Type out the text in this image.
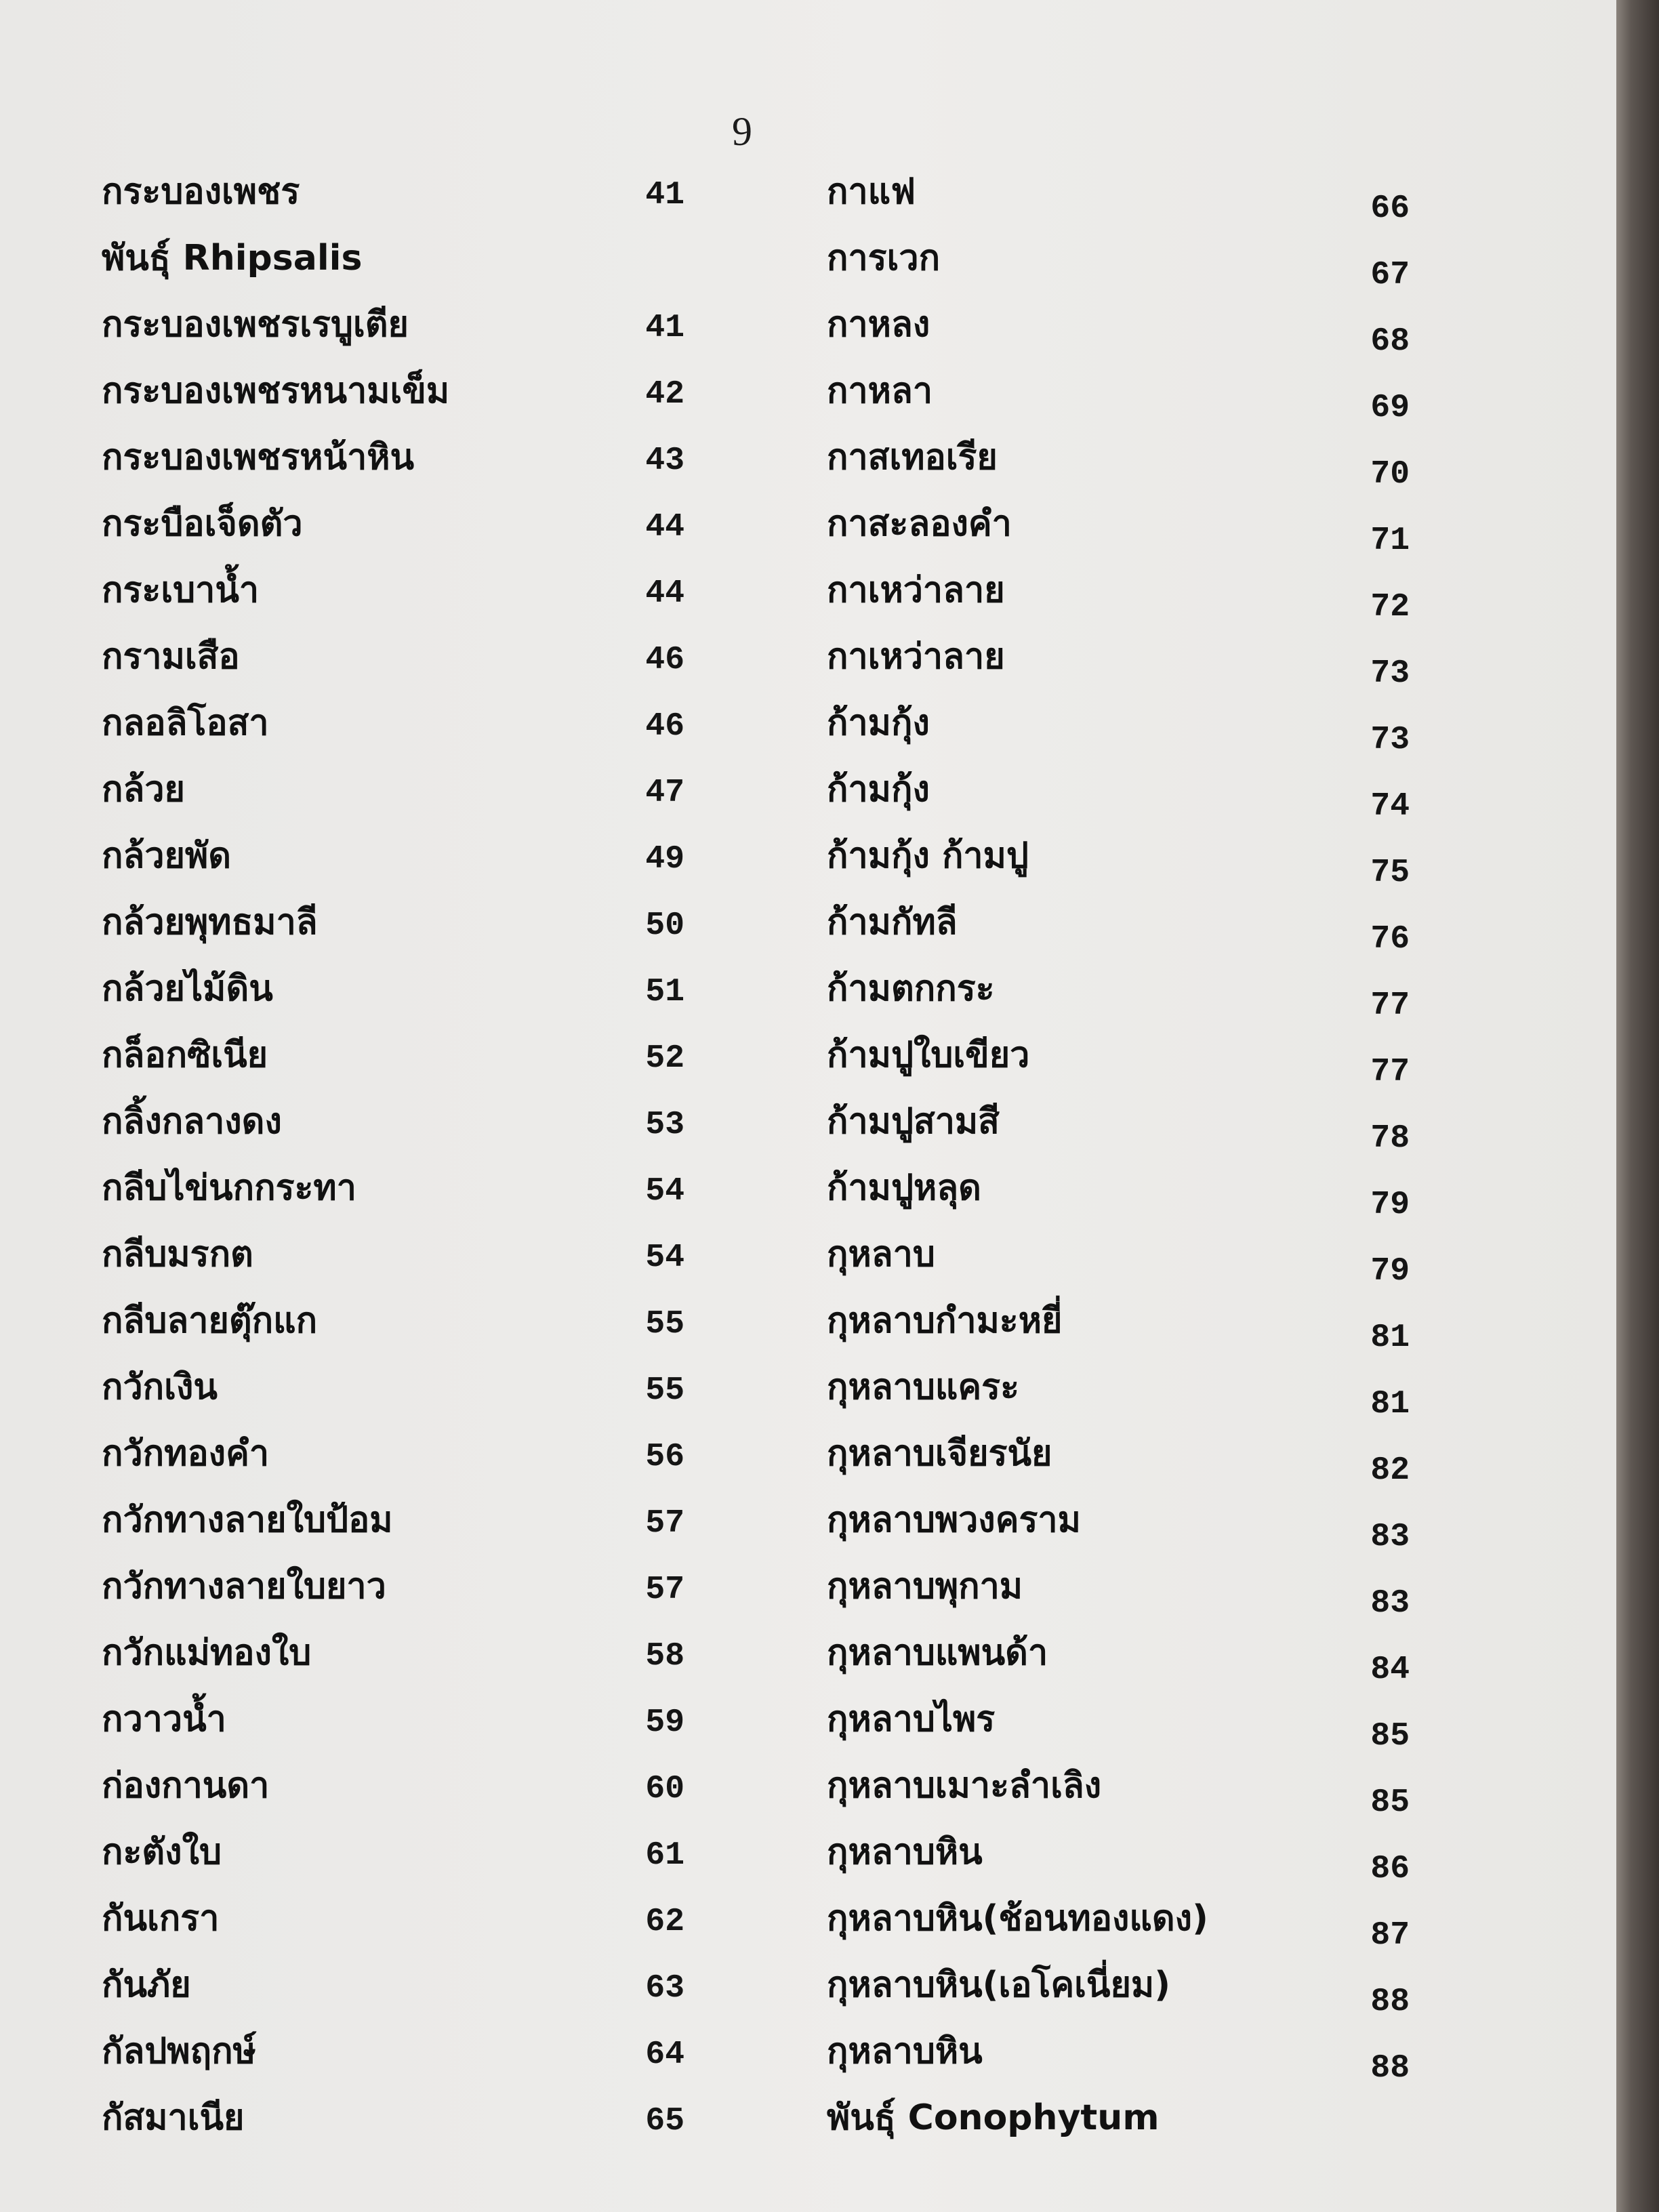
9
กระบองเพชร	41
พันธุ์ Rhipsalis
กระบองเพชรเรบูเตีย	41
กระบองเพชรหนามเข็ม	42
กระบองเพชรหน้าหิน	43
กระบือเจ็ดตัว	44
กระเบาน้ำ	44
กรามเสือ	46
กลอลิโอสา	46
กล้วย	47
กล้วยพัด	49
กล้วยพุทธมาลี	50
กล้วยไม้ดิน	51
กล็อกซิเนีย	52
กลิ้งกลางดง	53
กลีบไข่นกกระทา	54
กลีบมรกต	54
กลีบลายตุ๊กแก	55
กวักเงิน	55
กวักทองคำ	56
กวักทางลายใบป้อม	57
กวักทางลายใบยาว	57
กวักแม่ทองใบ	58
กวาวน้ำ	59
ก่องกานดา	60
กะตังใบ	61
กันเกรา	62
กันภัย	63
กัลปพฤกษ์	64
กัสมาเนีย	65
กาแฟ	66
การเวก	67
กาหลง	68
กาหลา	69
กาสเทอเรีย	70
กาสะลองคำ	71
กาเหว่าลาย	72
กาเหว่าลาย	73
ก้ามกุ้ง	73
ก้ามกุ้ง	74
ก้ามกุ้ง ก้ามปู	75
ก้ามกัทลี	76
ก้ามตกกระ	77
ก้ามปูใบเขียว	77
ก้ามปูสามสี	78
ก้ามปูหลุด	79
กุหลาบ	79
กุหลาบกำมะหยี่	81
กุหลาบแคระ	81
กุหลาบเจียรนัย	82
กุหลาบพวงคราม	83
กุหลาบพุกาม	83
กุหลาบแพนด้า	84
กุหลาบไพร	85
กุหลาบเมาะลำเลิง	85
กุหลาบหิน	86
กุหลาบหิน(ช้อนทองแดง)	87
กุหลาบหิน(เอโคเนี่ยม)	88
กุหลาบหิน	88
พันธุ์ Conophytum
